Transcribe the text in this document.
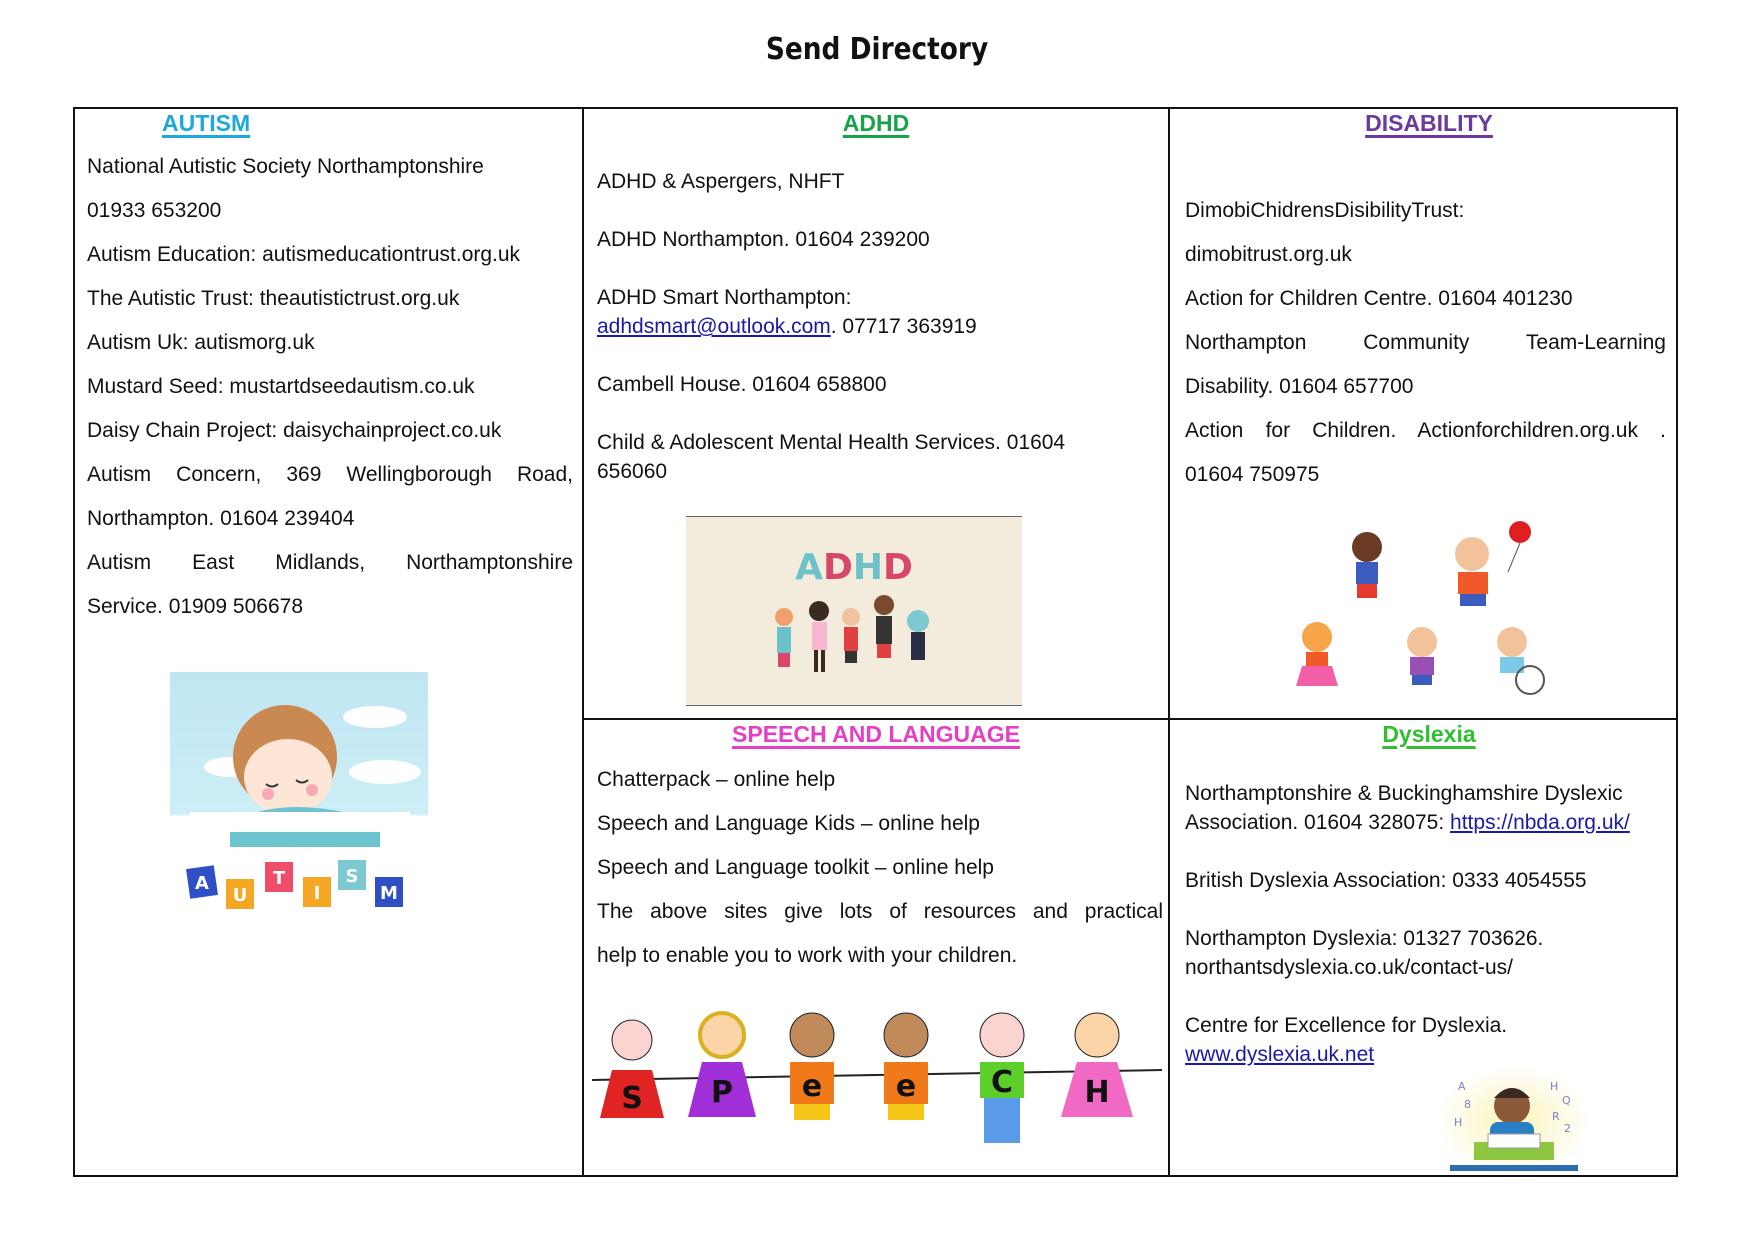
Send Directory
AUTISM
National Autistic Society Northamptonshire
01933 653200
Autism Education: autismeducationtrust.org.uk
The Autistic Trust: theautistictrust.org.uk
Autism Uk: autismorg.uk
Mustard Seed: mustartdseedautism.co.uk
Daisy Chain Project: daisychainproject.co.uk
Autism Concern, 369 Wellingborough Road,
Northampton. 01604 239404
Autism East Midlands, Northamptonshire
Service. 01909 506678
A
U
T
I
S
M
ADHD
ADHD & Aspergers, NHFT
ADHD Northampton. 01604 239200
ADHD Smart Northampton:
adhdsmart@outlook.com. 07717 363919
Cambell House. 01604 658800
Child & Adolescent Mental Health Services. 01604 656060
ADHD
DISABILITY
DimobiChidrensDisibilityTrust:
dimobitrust.org.uk
Action for Children Centre. 01604 401230
Northampton Community Team-Learning
Disability. 01604 657700
Action for Children. Actionforchildren.org.uk .
01604 750975
SPEECH AND LANGUAGE
Chatterpack – online help
Speech and Language Kids – online help
Speech and Language toolkit – online help
The above sites give lots of resources and practical
help to enable you to work with your children.
S P e e C H
Dyslexia
Northamptonshire & Buckinghamshire Dyslexic
Association. 01604 328075: https://nbda.org.uk/
British Dyslexia Association: 0333 4054555
Northampton Dyslexia: 01327 703626.
northantsdyslexia.co.uk/contact-us/
Centre for Excellence for Dyslexia.
www.dyslexia.uk.net
A
8
H
H
Q
R
2
